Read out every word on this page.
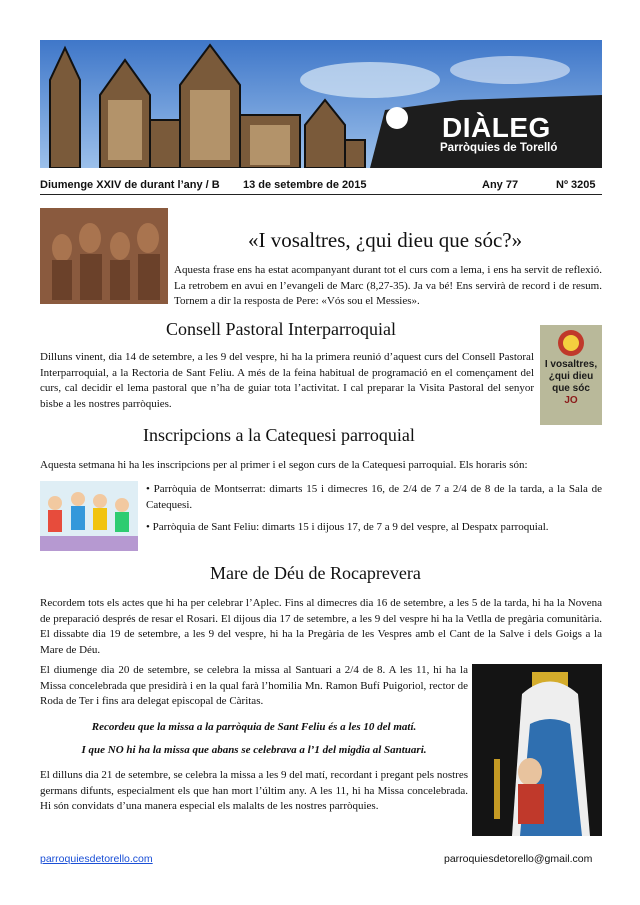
DIÀLEG
Parròquies de Torelló
Diumenge XXIV de durant l’any / B 13 de setembre de 2015	Any 77	Nº 3205
«I vosaltres, ¿qui dieu que sóc?»

Aquesta frase ens ha estat acompanyant durant tot el curs com a lema, i ens ha servit de reflexió. La retrobem en avui en l’evangeli de Marc (8,27-35). Ja va bé! Ens servirà de record i de resum. Tornem a dir la resposta de Pere: «Vós sou el Messies».

Consell Pastoral Interparroquial
I vosaltres,
¿qui dieu
que sóc
JO

Dilluns vinent, dia 14 de setembre, a les 9 del vespre, hi ha la primera reunió d’aquest curs del Consell Pastoral Interparroquial, a la Rectoria de Sant Feliu. A més de la feina habitual de programació en el començament del curs, cal decidir el lema pastoral que n’ha de guiar tota l’activitat. I cal preparar la Visita Pastoral del senyor bisbe a les nostres parròquies.

Inscripcions a la Catequesi parroquial

Aquesta setmana hi ha les inscripcions per al primer i el segon curs de la Catequesi parroquial. Els horaris són:

• Parròquia de Montserrat: dimarts 15 i dimecres 16, de 2/4 de 7 a 2/4 de 8 de la tarda, a la Sala de Catequesi.

• Parròquia de Sant Feliu: dimarts 15 i dijous 17, de 7 a 9 del vespre, al Despatx parroquial.

Mare de Déu de Rocaprevera

Recordem tots els actes que hi ha per celebrar l’Aplec. Fins al dimecres dia 16 de setembre, a les 5 de la tarda, hi ha la Novena de preparació després de resar el Rosari. El dijous dia 17 de setembre, a les 9 del vespre hi ha la Vetlla de pregària comunitària. El dissabte dia 19 de setembre, a les 9 del vespre, hi ha la Pregària de les Vespres amb el Cant de la Salve i dels Goigs a la Mare de Déu.

El diumenge dia 20 de setembre, se celebra la missa al Santuari a 2/4 de 8. A les 11, hi ha la Missa concelebrada que presidirà i en la qual farà l’homilia Mn. Ramon Bufí Puigoriol, rector de Roda de Ter i fins ara delegat episcopal de Càritas.

Recordeu que la missa a la parròquia de Sant Feliu és a les 10 del matí.

I que NO hi ha la missa que abans se celebrava a l’1 del migdia al Santuari.

El dilluns dia 21 de setembre, se celebra la missa a les 9 del matí, recordant i pregant pels nostres germans difunts, especialment els que han mort l’últim any. A les 11, hi ha Missa concelebrada. Hi són convidats d’una manera especial els malalts de les nostres parròquies.

parroquiesdetorello.com	parroquiesdetorello@gmail.com
